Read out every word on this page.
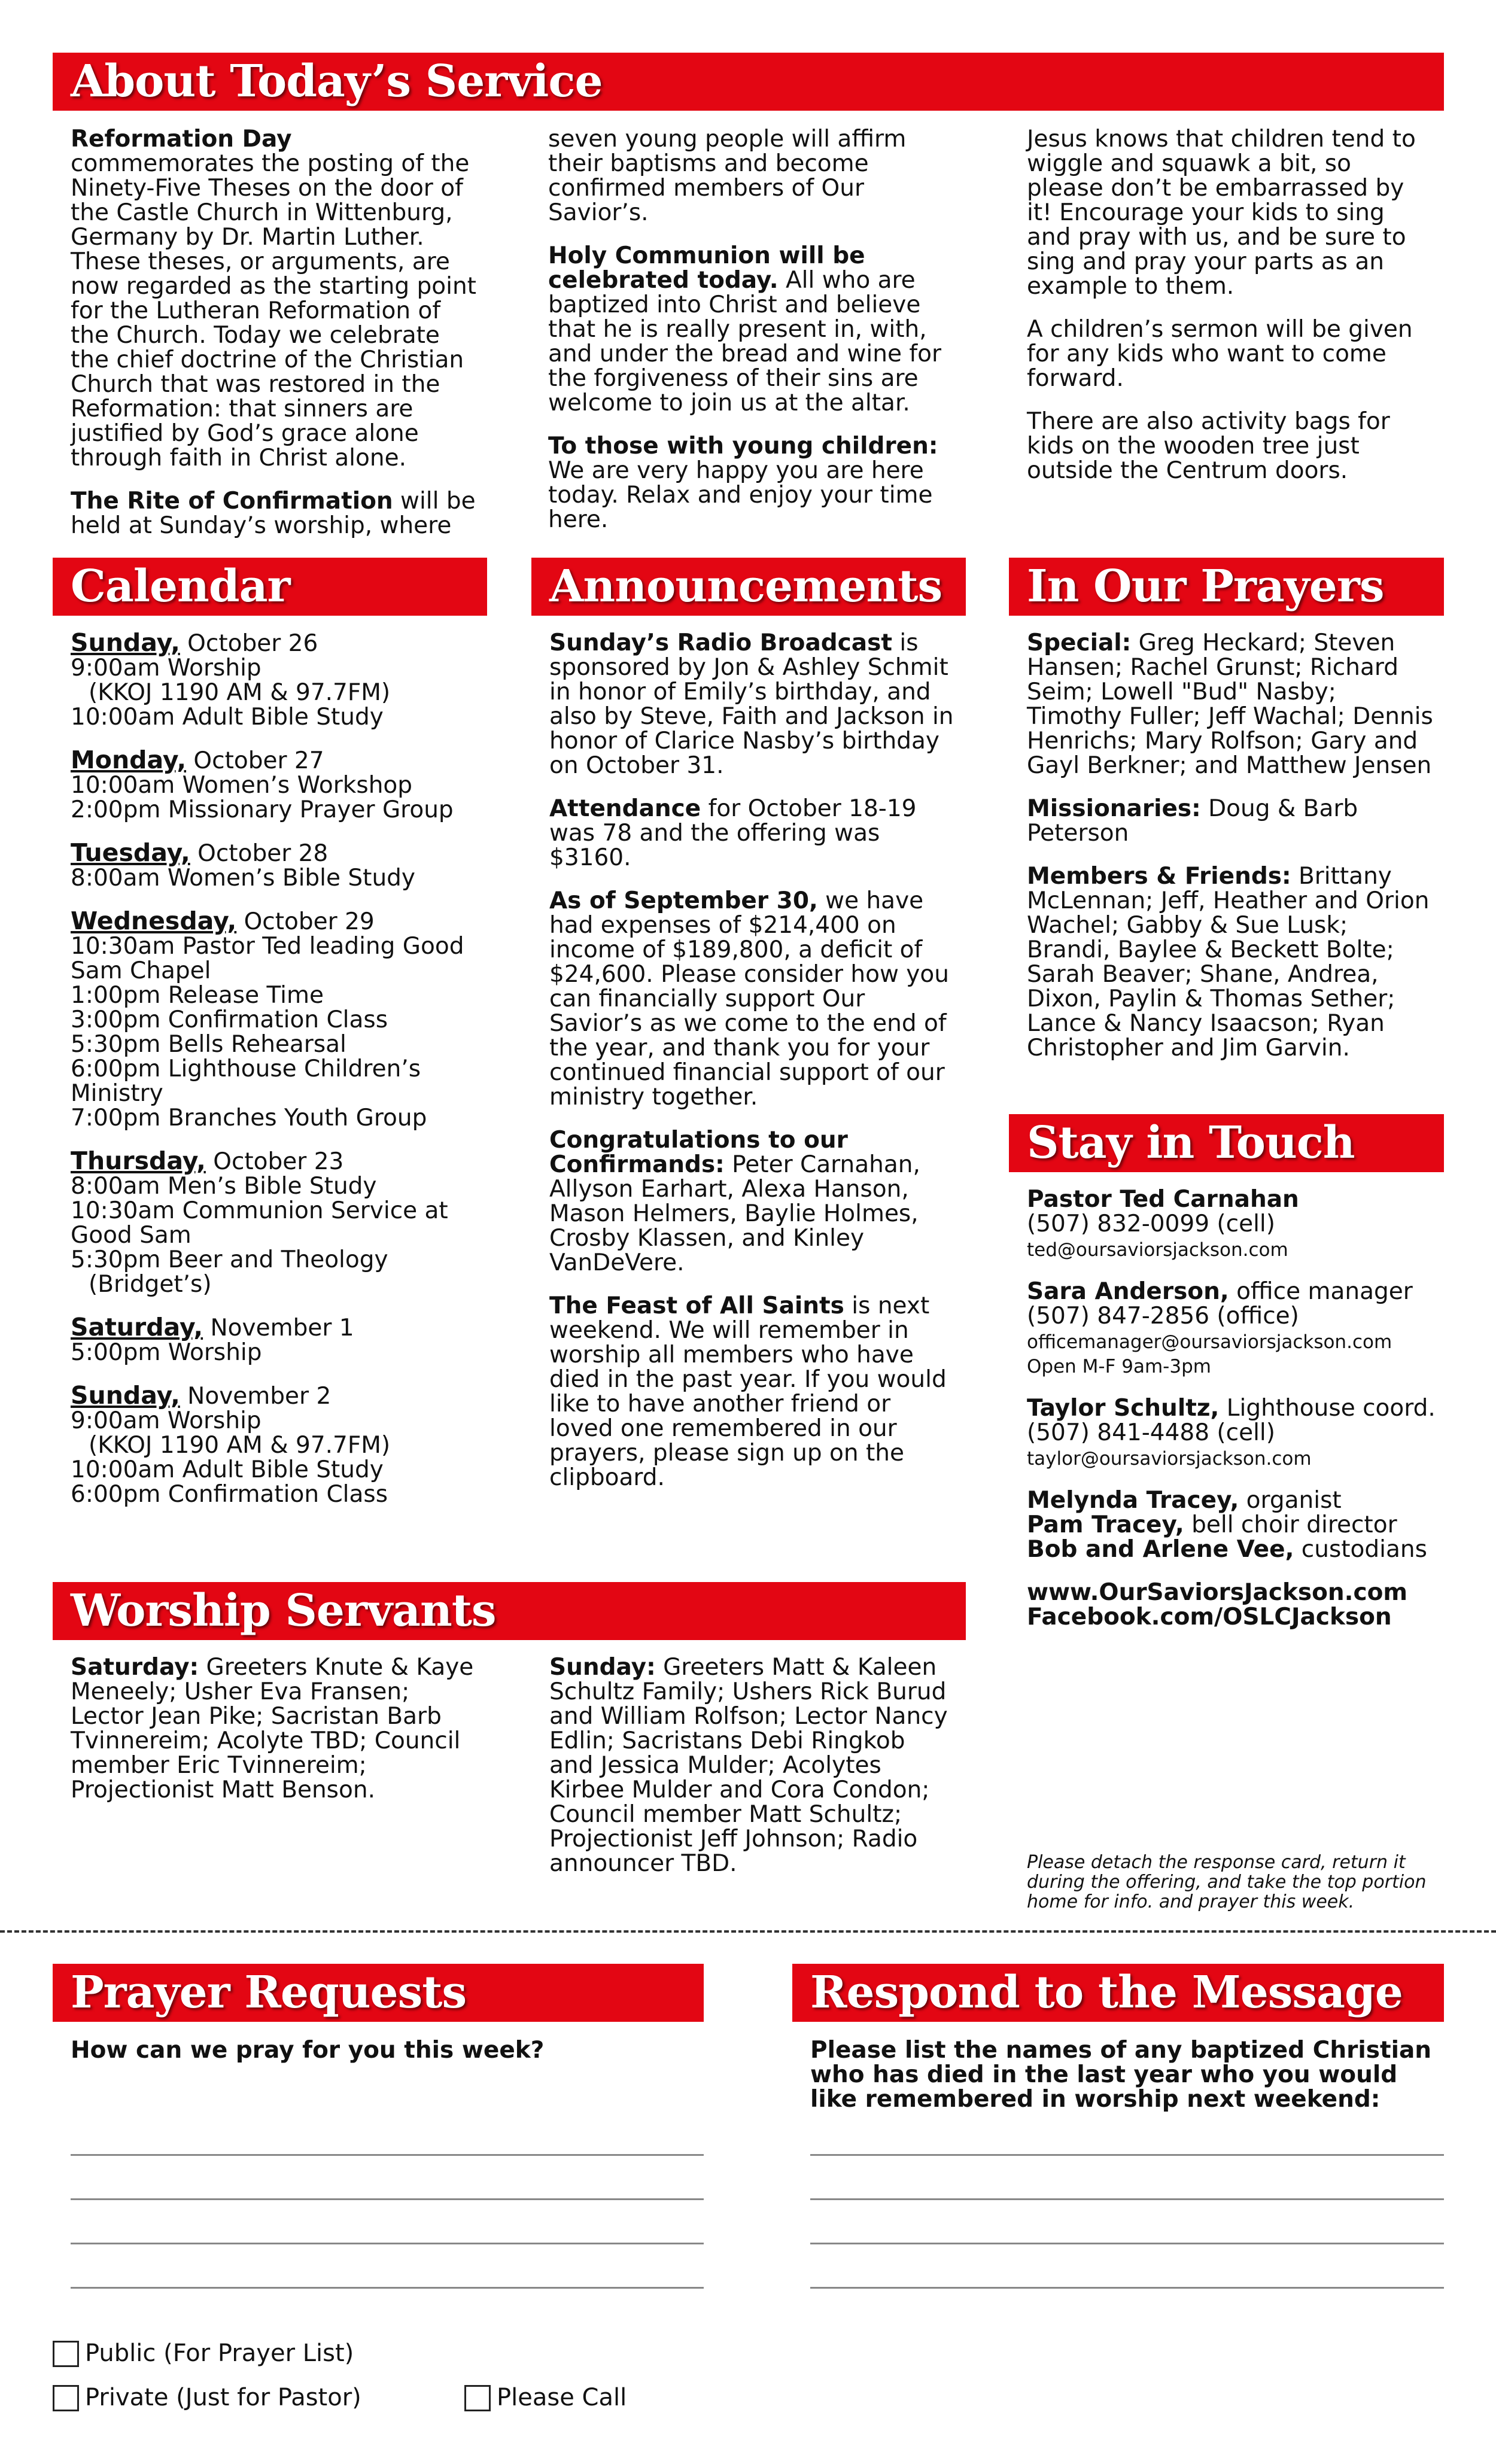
About Today’s Service

Reformation Day commemorates the posting of the Ninety-Five Theses on the door of the Castle Church in Wittenburg, Germany by Dr. Martin Luther. These theses, or arguments, are now regarded as the starting point for the Lutheran Reformation of the Church. Today we celebrate the chief doctrine of the Christian Church that was restored in the Reformation: that sinners are justified by God’s grace alone through faith in Christ alone.

The Rite of Confirmation will be held at Sunday’s worship, where

seven young people will affirm their baptisms and become confirmed members of Our Savior’s.

Holy Communion will be celebrated today. All who are baptized into Christ and believe that he is really present in, with, and under the bread and wine for the forgiveness of their sins are welcome to join us at the altar.

To those with young children: We are very happy you are here today. Relax and enjoy your time here.

Jesus knows that children tend to wiggle and squawk a bit, so please don’t be embarrassed by it! Encourage your kids to sing and pray with us, and be sure to sing and pray your parts as an example to them.

A children’s sermon will be given for any kids who want to come forward.

There are also activity bags for kids on the wooden tree just outside the Centrum doors.

Calendar

Sunday, October 26
9:00am Worship
(KKOJ 1190 AM & 97.7FM)
10:00am Adult Bible Study

Monday, October 27
10:00am Women’s Workshop
2:00pm Missionary Prayer Group

Tuesday, October 28
8:00am Women’s Bible Study

Wednesday, October 29
10:30am Pastor Ted leading Good Sam Chapel
1:00pm Release Time
3:00pm Confirmation Class
5:30pm Bells Rehearsal
6:00pm Lighthouse Children’s Ministry
7:00pm Branches Youth Group

Thursday, October 23
8:00am Men’s Bible Study
10:30am Communion Service at Good Sam
5:30pm Beer and Theology
(Bridget’s)

Saturday, November 1
5:00pm Worship

Sunday, November 2
9:00am Worship
(KKOJ 1190 AM & 97.7FM)
10:00am Adult Bible Study
6:00pm Confirmation Class

Announcements

Sunday’s Radio Broadcast is sponsored by Jon & Ashley Schmit in honor of Emily’s birthday, and also by Steve, Faith and Jackson in honor of Clarice Nasby’s birthday on October 31.

Attendance for October 18-19 was 78 and the offering was $3160.

As of September 30, we have had expenses of $214,400 on income of $189,800, a deficit of $24,600. Please consider how you can financially support Our Savior’s as we come to the end of the year, and thank you for your continued financial support of our ministry together.

Congratulations to our Confirmands: Peter Carnahan, Allyson Earhart, Alexa Hanson, Mason Helmers, Baylie Holmes, Crosby Klassen, and Kinley VanDeVere.

The Feast of All Saints is next weekend. We will remember in worship all members who have died in the past year. If you would like to have another friend or loved one remembered in our prayers, please sign up on the clipboard.

In Our Prayers

Special: Greg Heckard; Steven Hansen; Rachel Grunst; Richard Seim; Lowell "Bud" Nasby; Timothy Fuller; Jeff Wachal; Dennis Henrichs; Mary Rolfson; Gary and Gayl Berkner; and Matthew Jensen

Missionaries: Doug & Barb Peterson

Members & Friends: Brittany McLennan; Jeff, Heather and Orion Wachel; Gabby & Sue Lusk; Brandi, Baylee & Beckett Bolte; Sarah Beaver; Shane, Andrea, Dixon, Paylin & Thomas Sether; Lance & Nancy Isaacson; Ryan Christopher and Jim Garvin.

Stay in Touch

Pastor Ted Carnahan
(507) 832-0099 (cell)
ted@oursaviorsjackson.com

Sara Anderson, office manager
(507) 847-2856 (office)
officemanager@oursaviorsjackson.com
Open M-F 9am-3pm

Taylor Schultz, Lighthouse coord.
(507) 841-4488 (cell)
taylor@oursaviorsjackson.com

Melynda Tracey, organist
Pam Tracey, bell choir director
Bob and Arlene Vee, custodians

www.OurSaviorsJackson.com
Facebook.com/OSLCJackson

Please detach the response card, return it during the offering, and take the top portion home for info. and prayer this week.
Worship Servants

Saturday: Greeters Knute & Kaye Meneely; Usher Eva Fransen; Lector Jean Pike; Sacristan Barb Tvinnereim; Acolyte TBD; Council member Eric Tvinnereim; Projectionist Matt Benson.

Sunday: Greeters Matt & Kaleen Schultz Family; Ushers Rick Burud and William Rolfson; Lector Nancy Edlin; Sacristans Debi Ringkob and Jessica Mulder; Acolytes Kirbee Mulder and Cora Condon; Council member Matt Schultz; Projectionist Jeff Johnson; Radio announcer TBD.

Prayer Requests
How can we pray for you this week?
Public (For Prayer List)
Private (Just for Pastor)	Please Call
Respond to the Message
Please list the names of any baptized Christian who has died in the last year who you would like remembered in worship next weekend:
